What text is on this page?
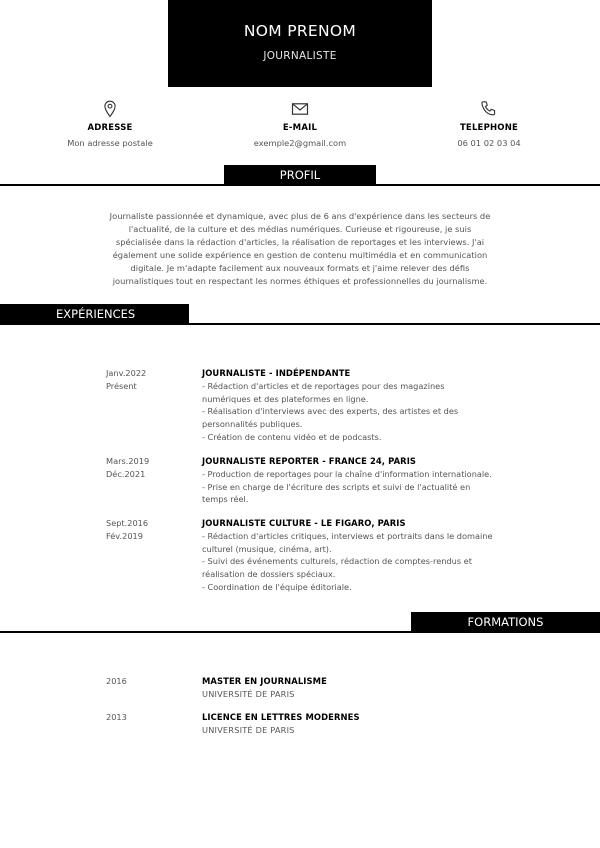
NOM PRENOM
JOURNALISTE
ADRESSE
Mon adresse postale
E-MAIL
exemple2@gmail.com
TELEPHONE
06 01 02 03 04
PROFIL
Journaliste passionnée et dynamique, avec plus de 6 ans d'expérience dans les secteurs de l'actualité, de la culture et des médias numériques. Curieuse et rigoureuse, je suis spécialisée dans la rédaction d'articles, la réalisation de reportages et les interviews. J'ai également une solide expérience en gestion de contenu multimédia et en communication digitale. Je m'adapte facilement aux nouveaux formats et j'aime relever des défis journalistiques tout en respectant les normes éthiques et professionnelles du journalisme.
EXPÉRIENCES
Janv.2022
Présent
JOURNALISTE - INDÉPENDANTE
- Rédaction d'articles et de reportages pour des magazines
numériques et des plateformes en ligne.
- Réalisation d'interviews avec des experts, des artistes et des
personnalités publiques.
- Création de contenu vidéo et de podcasts.
Mars.2019
Déc.2021
JOURNALISTE REPORTER - FRANCE 24, PARIS
- Production de reportages pour la chaîne d'information internationale.
- Prise en charge de l'écriture des scripts et suivi de l'actualité en
temps réel.
Sept.2016
Fév.2019
JOURNALISTE CULTURE - LE FIGARO, PARIS
- Rédaction d'articles critiques, interviews et portraits dans le domaine
culturel (musique, cinéma, art).
- Suivi des événements culturels, rédaction de comptes-rendus et
réalisation de dossiers spéciaux.
- Coordination de l'équipe éditoriale.
FORMATIONS
2016	MASTER EN JOURNALISME
UNIVERSITÉ DE PARIS
2013	LICENCE EN LETTRES MODERNES
UNIVERSITÉ DE PARIS
